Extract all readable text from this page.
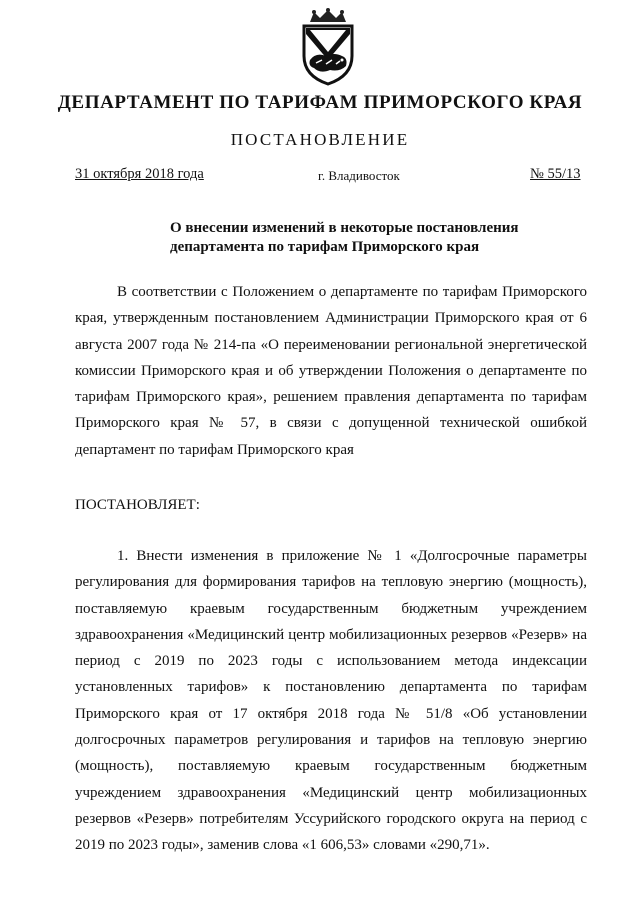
ДЕПАРТАМЕНТ ПО ТАРИФАМ ПРИМОРСКОГО КРАЯ
ПОСТАНОВЛЕНИЕ
31 октября 2018 года	г. Владивосток	№ 55/13
О внесении изменений в некоторые постановления департамента по тарифам Приморского края

В соответствии с Положением о департаменте по тарифам Приморского края, утвержденным постановлением Администрации Приморского края от 6 августа 2007 года № 214-па «О переименовании региональной энергетической комиссии Приморского края и об утверждении Положения о департаменте по тарифам Приморского края», решением правления департамента по тарифам Приморского края № 57, в связи с допущенной технической ошибкой департамент по тарифам Приморского края

ПОСТАНОВЛЯЕТ:

1. Внести изменения в приложение № 1 «Долгосрочные параметры регулирования для формирования тарифов на тепловую энергию (мощность), поставляемую краевым государственным бюджетным учреждением здравоохранения «Медицинский центр мобилизационных резервов «Резерв» на период с 2019 по 2023 годы с использованием метода индексации установленных тарифов» к постановлению департамента по тарифам Приморского края от 17 октября 2018 года № 51/8 «Об установлении долгосрочных параметров регулирования и тарифов на тепловую энергию (мощность), поставляемую краевым государственным бюджетным учреждением здравоохранения «Медицинский центр мобилизационных резервов «Резерв» потребителям Уссурийского городского округа на период с 2019 по 2023 годы», заменив слова «1 606,53» словами «290,71».
